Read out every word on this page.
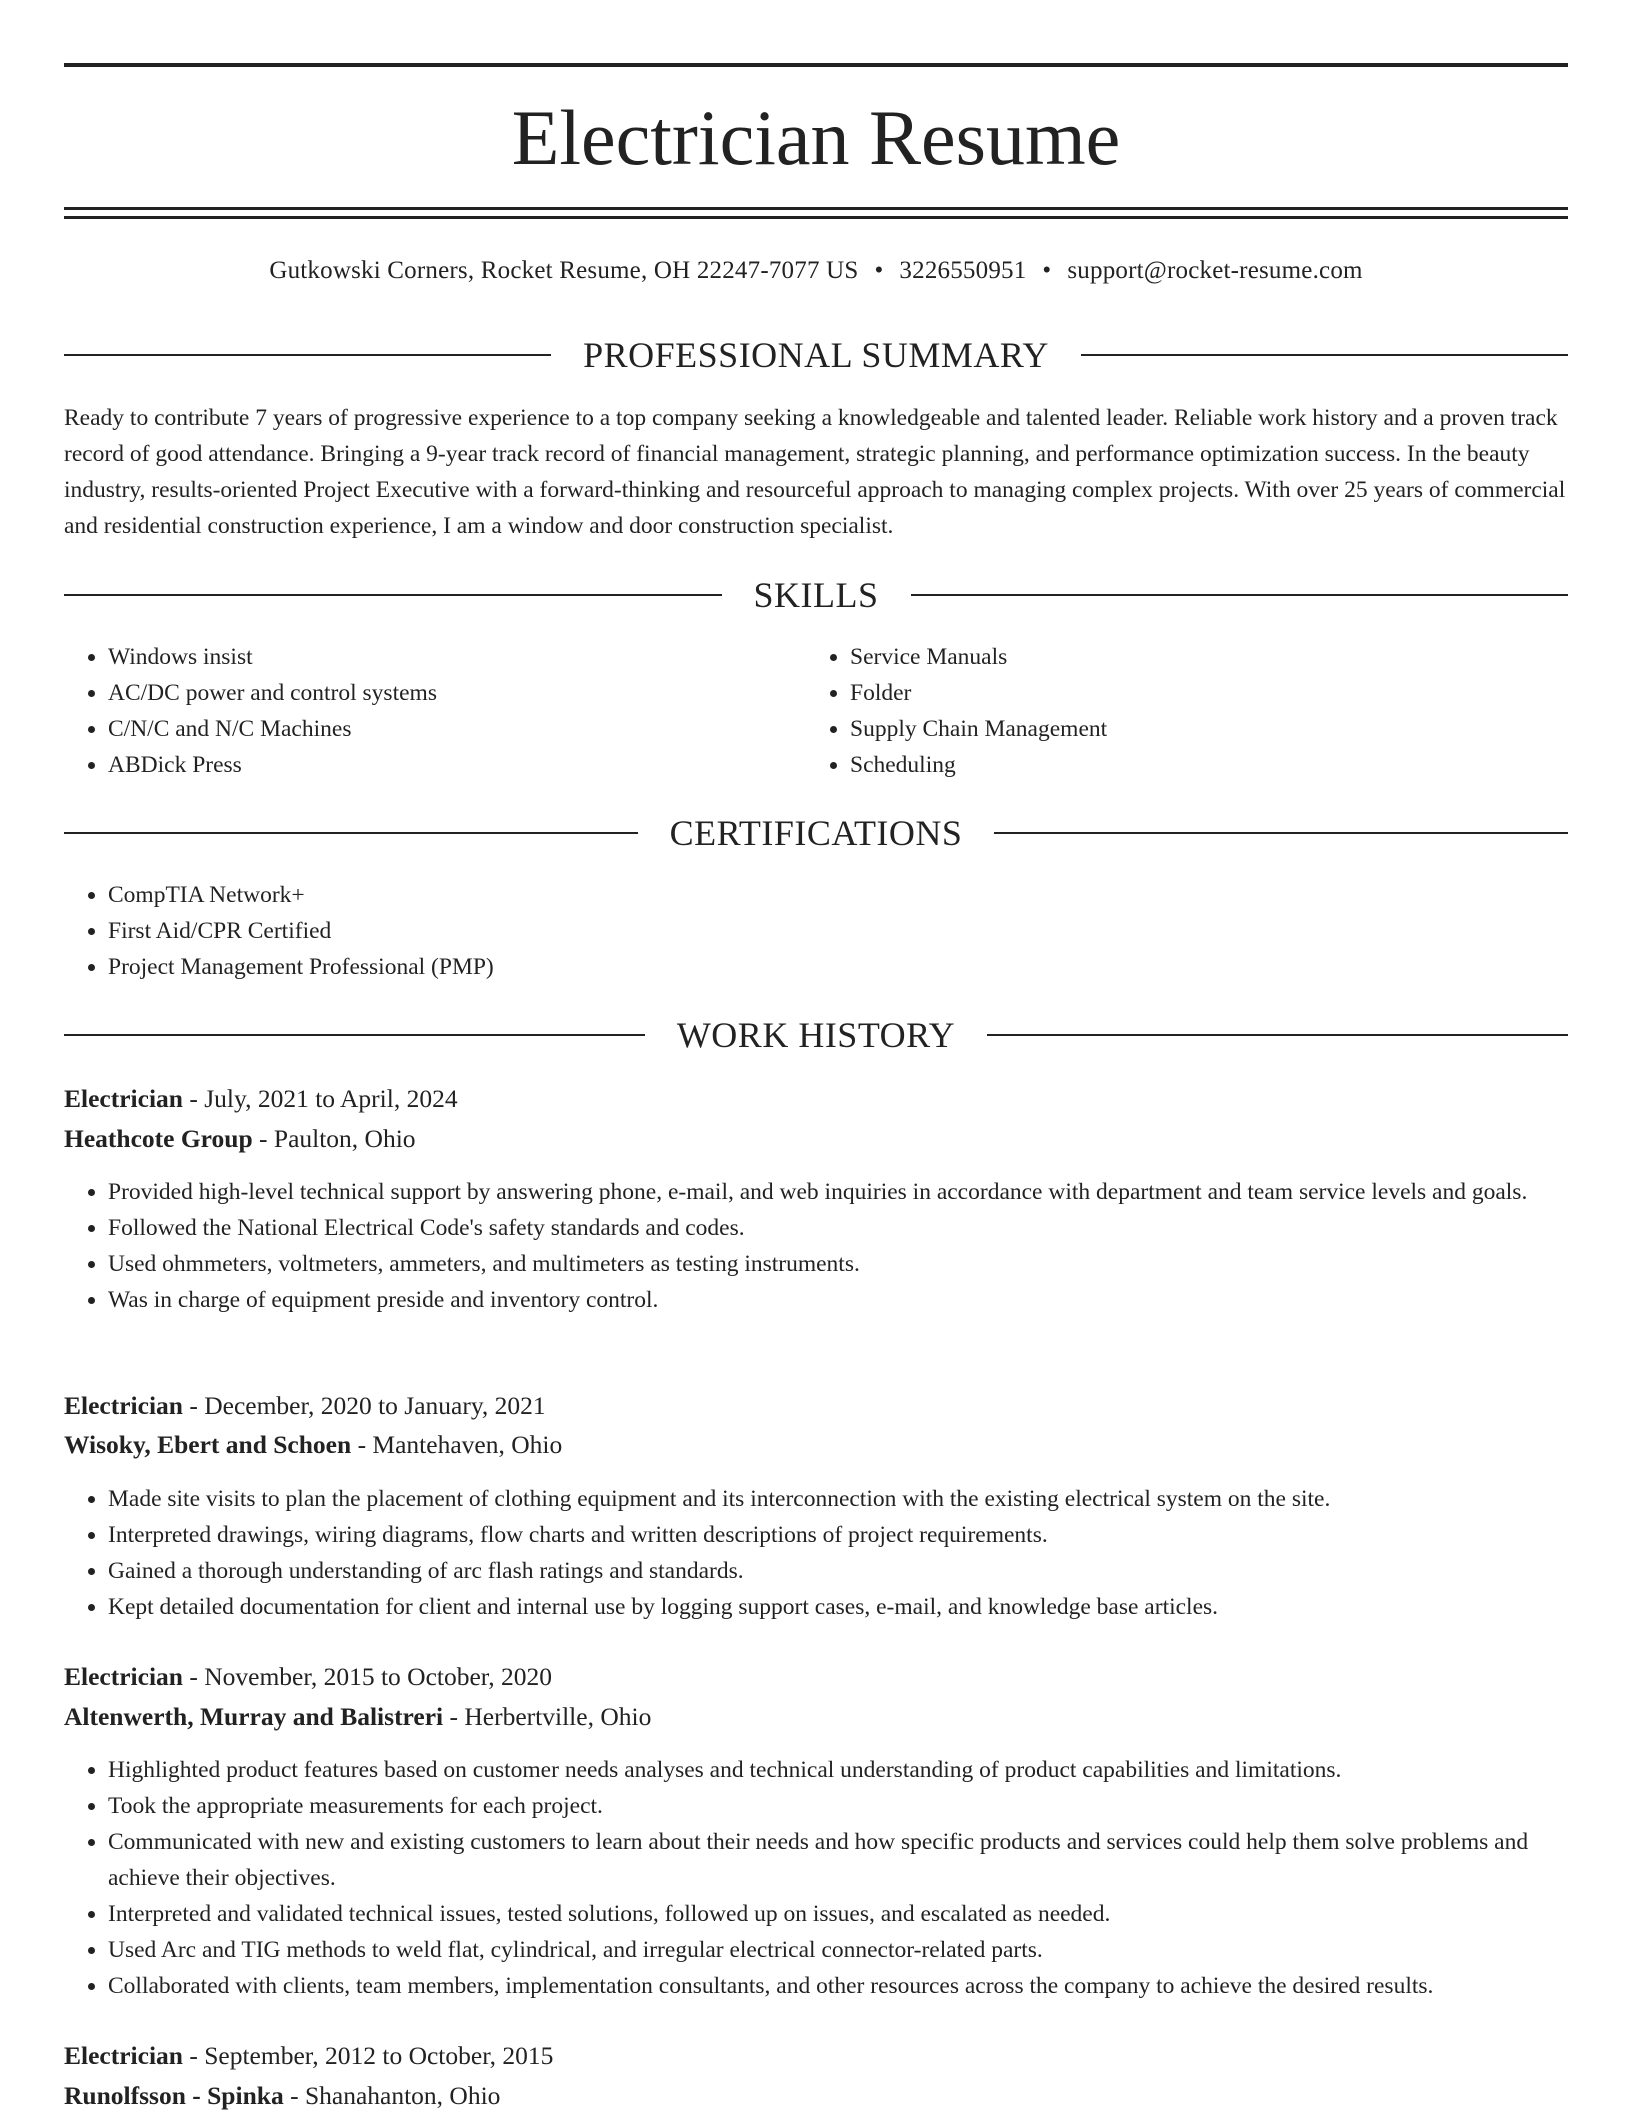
Electrician Resume
Gutkowski Corners, Rocket Resume, OH 22247-7077 US • 3226550951 • support@rocket-resume.com
PROFESSIONAL SUMMARY

Ready to contribute 7 years of progressive experience to a top company seeking a knowledgeable and talented leader. Reliable work history and a proven track record of good attendance. Bringing a 9-year track record of financial management, strategic planning, and performance optimization success. In the beauty industry, results-oriented Project Executive with a forward-thinking and resourceful approach to managing complex projects. With over 25 years of commercial and residential construction experience, I am a window and door construction specialist.

SKILLS
• Windows insist
• AC/DC power and control systems
• C/N/C and N/C Machines
• ABDick Press
• Service Manuals
• Folder
• Supply Chain Management
• Scheduling
CERTIFICATIONS
• CompTIA Network+
• First Aid/CPR Certified
• Project Management Professional (PMP)
WORK HISTORY
Electrician - July, 2021 to April, 2024
Heathcote Group - Paulton, Ohio
• Provided high-level technical support by answering phone, e-mail, and web inquiries in accordance with department and team service levels and goals.
• Followed the National Electrical Code's safety standards and codes.
• Used ohmmeters, voltmeters, ammeters, and multimeters as testing instruments.
• Was in charge of equipment preside and inventory control.
Electrician - December, 2020 to January, 2021
Wisoky, Ebert and Schoen - Mantehaven, Ohio
• Made site visits to plan the placement of clothing equipment and its interconnection with the existing electrical system on the site.
• Interpreted drawings, wiring diagrams, flow charts and written descriptions of project requirements.
• Gained a thorough understanding of arc flash ratings and standards.
• Kept detailed documentation for client and internal use by logging support cases, e-mail, and knowledge base articles.
Electrician - November, 2015 to October, 2020
Altenwerth, Murray and Balistreri - Herbertville, Ohio
• Highlighted product features based on customer needs analyses and technical understanding of product capabilities and limitations.
• Took the appropriate measurements for each project.
• Communicated with new and existing customers to learn about their needs and how specific products and services could help them solve problems and achieve their objectives.
• Interpreted and validated technical issues, tested solutions, followed up on issues, and escalated as needed.
• Used Arc and TIG methods to weld flat, cylindrical, and irregular electrical connector-related parts.
• Collaborated with clients, team members, implementation consultants, and other resources across the company to achieve the desired results.
Electrician - September, 2012 to October, 2015
Runolfsson - Spinka - Shanahanton, Ohio
